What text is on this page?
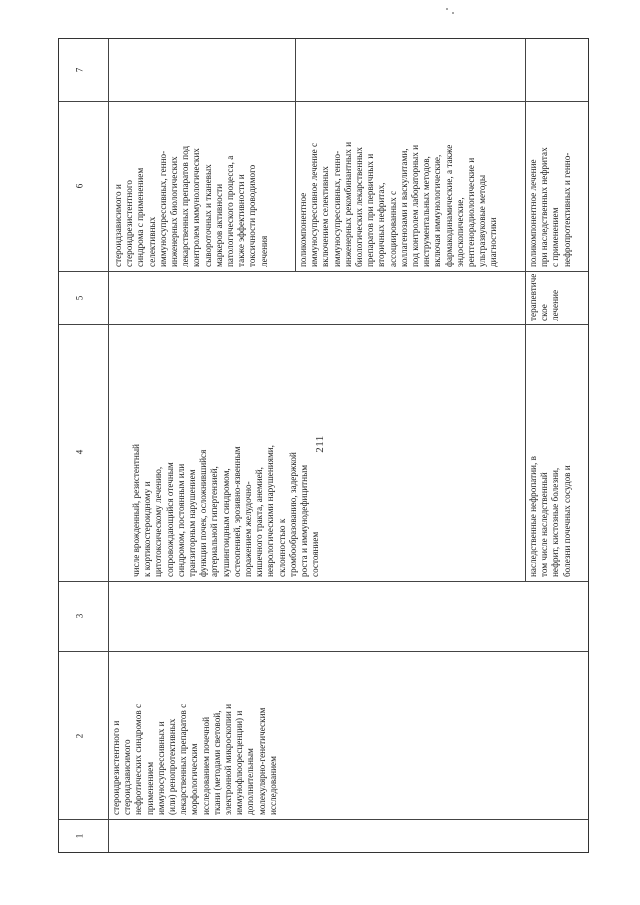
211
7
6
5
4
3
2
1
стероидрезистентного и стероидзависимого нефротических синдромов с применением иммуносупрессивных и (или) ренопротективных лекарственных препаратов с морфологическим исследованием почечной ткани (методами световой, электронной микроскопии и иммунофлюоресценции) и дополнительным молекулярно-генетическим исследованием
числе врожденный, резистентный к кортикостероидному и цитотоксическому лечению, сопровождающийся отечным синдромом, постоянным или транзиторным нарушением функции почек, осложнившийся артериальной гипертензией, кушингоидным синдромом, остеопенией, эрозивно-язвенным поражением желудочно- кишечного тракта, анемией, неврологическими нарушениями, склонностью к тромбообразованию, задержкой роста и иммунодефицитным состоянием
стероидзависимого и стероидрезистентного синдрома с применением селективных иммуносупрессивных, генно- инженерных биологических лекарственных препаратов под контролем иммунологических сывороточных и тканевых маркеров активности патологического процесса, а также эффективности и токсичности проводимого лечения	поликомпонентное иммуносупрессивное лечение с включением селективных иммуносупрессивных, генно- инженерных рекомбинантных и биологических лекарственных препаратов при первичных и вторичных нефритах, ассоциированных с коллагенозами и васкулитами, под контролем лабораторных и инструментальных методов, включая иммунологические, фармакодинамические, а также эндоскопические, рентгенорадиологические и ультразвуковые методы диагностики
наследственные нефропатии, в том числе наследственный нефрит, кистозные болезни, болезни почечных сосудов и
терапевтическое лечение
поликомпонентное лечение при наследственных нефритах с применением нефропротективных и генно-
